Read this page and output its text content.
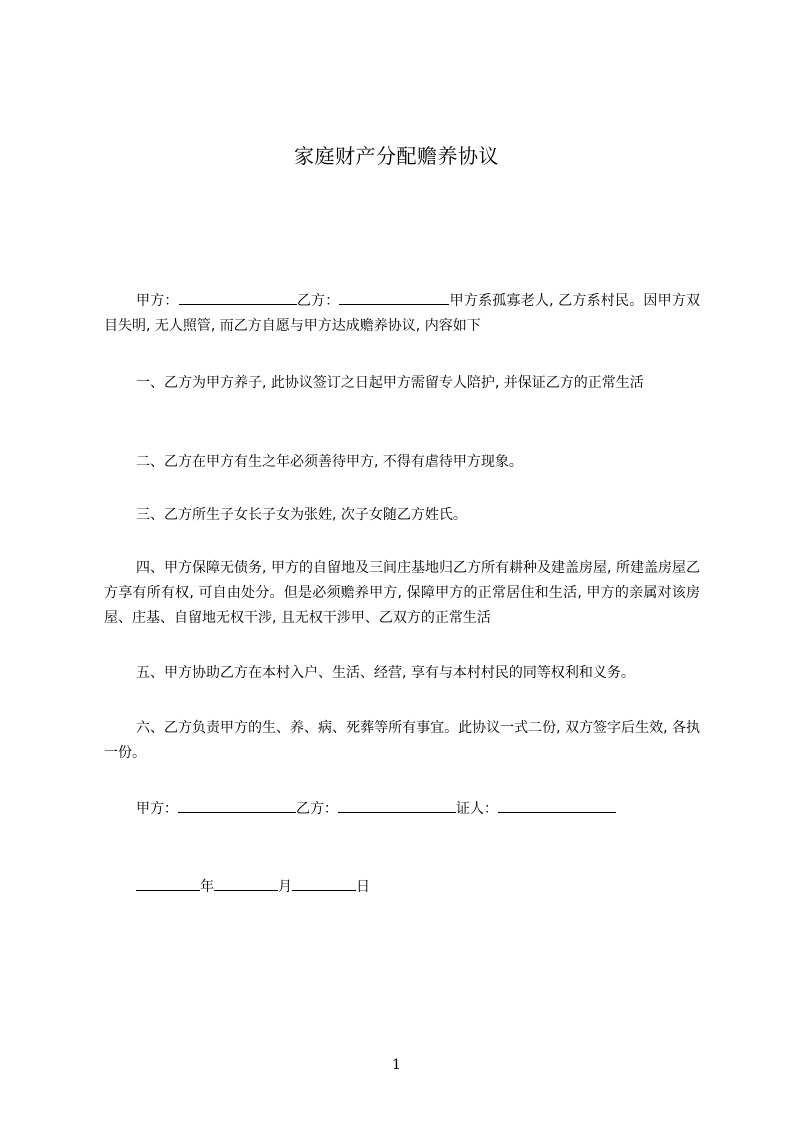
家庭财产分配赡养协议

甲方：	乙方：	甲方系孤寡老人, 乙方系村民。因甲方双目失明, 无人照管, 而乙方自愿与甲方达成赡养协议, 内容如下

一、乙方为甲方养子, 此协议签订之日起甲方需留专人陪护, 并保证乙方的正常生活

二、乙方在甲方有生之年必须善待甲方, 不得有虐待甲方现象。

三、乙方所生子女长子女为张姓, 次子女随乙方姓氏。

四、甲方保障无债务, 甲方的自留地及三间庄基地归乙方所有耕种及建盖房屋, 所建盖房屋乙方享有所有权, 可自由处分。但是必须赡养甲方, 保障甲方的正常居住和生活, 甲方的亲属对该房屋、庄基、自留地无权干涉, 且无权干涉甲、乙双方的正常生活

五、甲方协助乙方在本村入户、生活、经营, 享有与本村村民的同等权利和义务。

六、乙方负责甲方的生、养、病、死葬等所有事宜。此协议一式二份, 双方签字后生效, 各执一份。

甲方：	乙方：	证人：
年	月	日
1
